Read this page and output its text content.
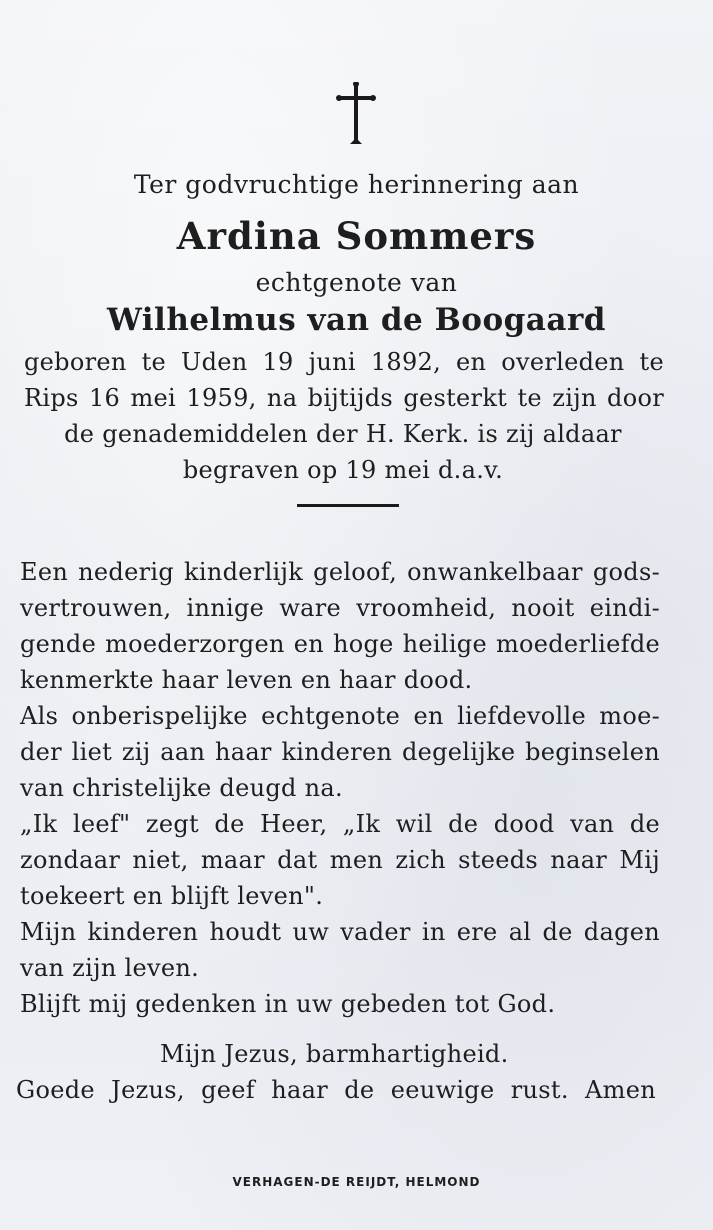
Ter godvruchtige herinnering aan
Ardina Sommers
echtgenote van
Wilhelmus van de Boogaard
geboren te Uden 19 juni 1892, en overleden te
Rips 16 mei 1959, na bijtijds gesterkt te zijn door
de genademiddelen der H. Kerk. is zij aldaar
begraven op 19 mei d.a.v.
Een nederig kinderlijk geloof, onwankelbaar gods-
vertrouwen, innige ware vroomheid, nooit eindi-
gende moederzorgen en hoge heilige moederliefde
kenmerkte haar leven en haar dood.
Als onberispelijke echtgenote en liefdevolle moe-
der liet zij aan haar kinderen degelijke beginselen
van christelijke deugd na.
„Ik leef" zegt de Heer, „Ik wil de dood van de
zondaar niet, maar dat men zich steeds naar Mij
toekeert en blijft leven".
Mijn kinderen houdt uw vader in ere al de dagen
van zijn leven.
Blijft mij gedenken in uw gebeden tot God.
Mijn Jezus, barmhartigheid.
Goede Jezus, geef haar de eeuwige rust. Amen
VERHAGEN-DE REIJDT, HELMOND
